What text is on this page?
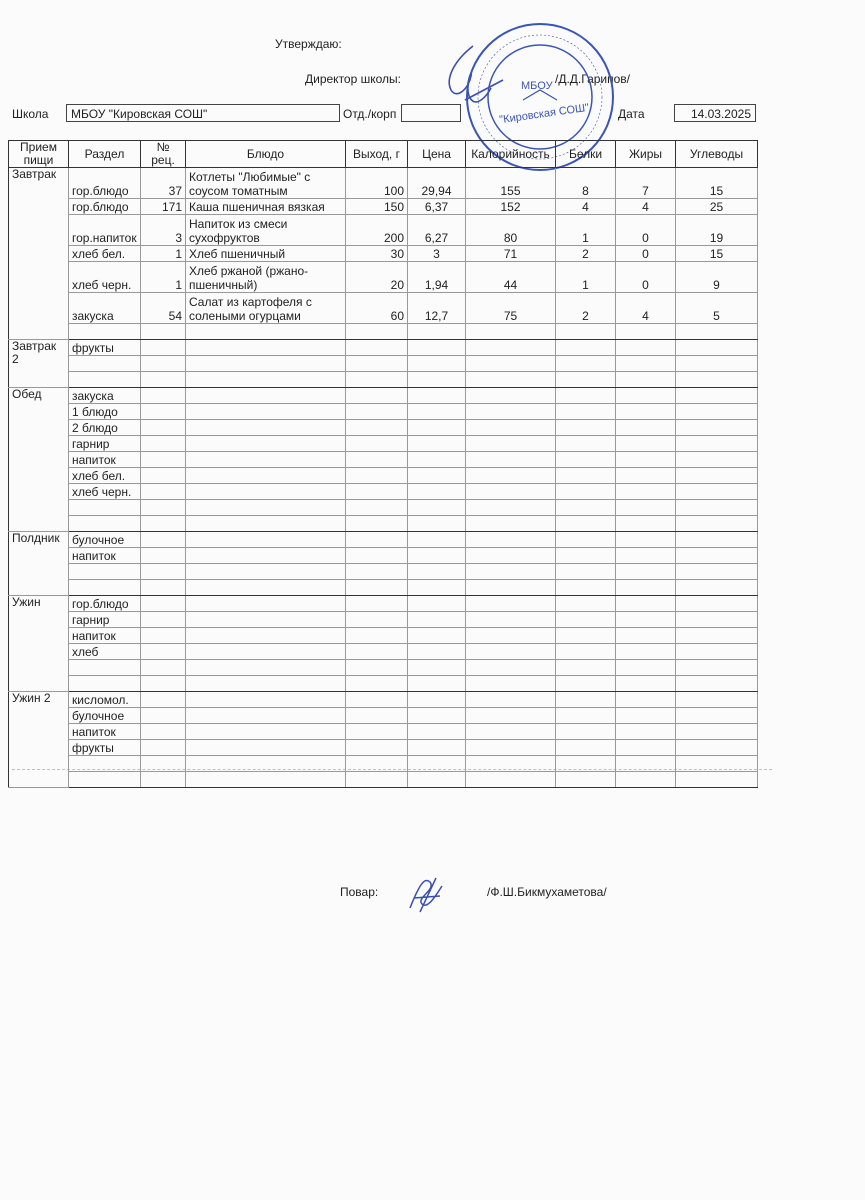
Утверждаю:
Директор школы:	/Д.Д.Гарипов/
Школа	МБОУ "Кировская СОШ"	Отд./корп	Дата	14.03.2025
МБОУ
"Кировская СОШ"
Прием пищи	Раздел	№ рец.	Блюдо	Выход, г	Цена	Калорийность	Белки	Жиры	Углеводы
Завтрак	гор.блюдо	37	Котлеты "Любимые" с соусом томатным	100	29,94	155	8	7	15
	гор.блюдо	171	Каша пшеничная вязкая	150	6,37	152	4	4	25
	гор.напиток	3	Напиток из смеси сухофруктов	200	6,27	80	1	0	19
	хлеб бел.	1	Хлеб пшеничный	30	3	71	2	0	15
	хлеб черн.	1	Хлеб ржаной (ржано-пшеничный)	20	1,94	44	1	0	9
	закуска	54	Салат из картофеля с солеными огурцами	60	12,7	75	2	4	5

Завтрак 2	фрукты								

Обед	закуска								
	1 блюдо								
	2 блюдо								
	гарнир								
	напиток								
	хлеб бел.								
	хлеб черн.								

Полдник	булочное								
	напиток								

Ужин	гор.блюдо								
	гарнир								
	напиток								
	хлеб								

Ужин 2	кисломол.								
	булочное								
	напиток								
	фрукты								

Повар:	/Ф.Ш.Бикмухаметова/
